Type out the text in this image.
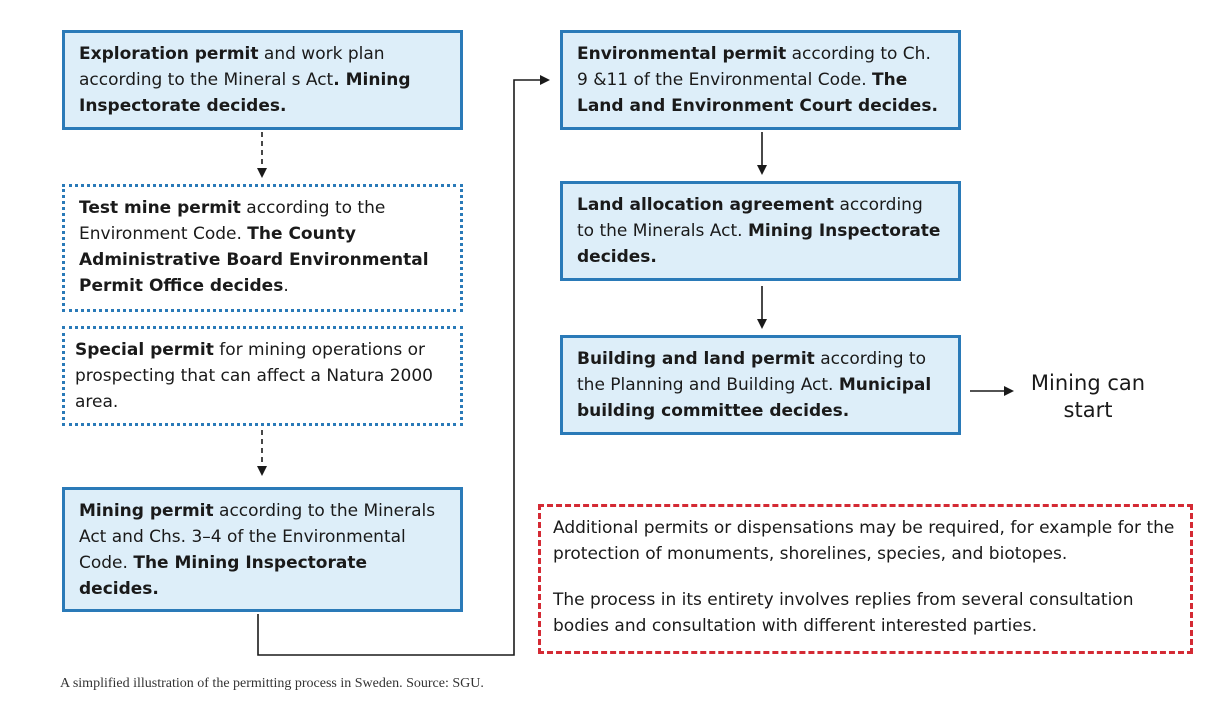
Exploration permit and work plan according to the Mineral s Act. Mining Inspectorate decides.
Test mine permit according to the Environment Code. The County Administrative Board Environmental Permit Office decides.
Special permit for mining operations or prospecting that can affect a Natura 2000 area.
Mining permit according to the Minerals Act and Chs. 3–4 of the Environmental Code. The Mining Inspectorate decides.
Environmental permit according to Ch. 9 &11 of the Environmental Code. The Land and Environment Court decides.
Land allocation agreement according to the Minerals Act. Mining Inspectorate decides.
Building and land permit according to the Planning and Building Act. Municipal building committee decides.
Mining can
start

Additional permits or dispensations may be required, for example for the protection of monuments, shorelines, species, and biotopes.

The process in its entirety involves replies from several consultation bodies and consultation with different interested parties.

A simplified illustration of the permitting process in Sweden. Source: SGU.
